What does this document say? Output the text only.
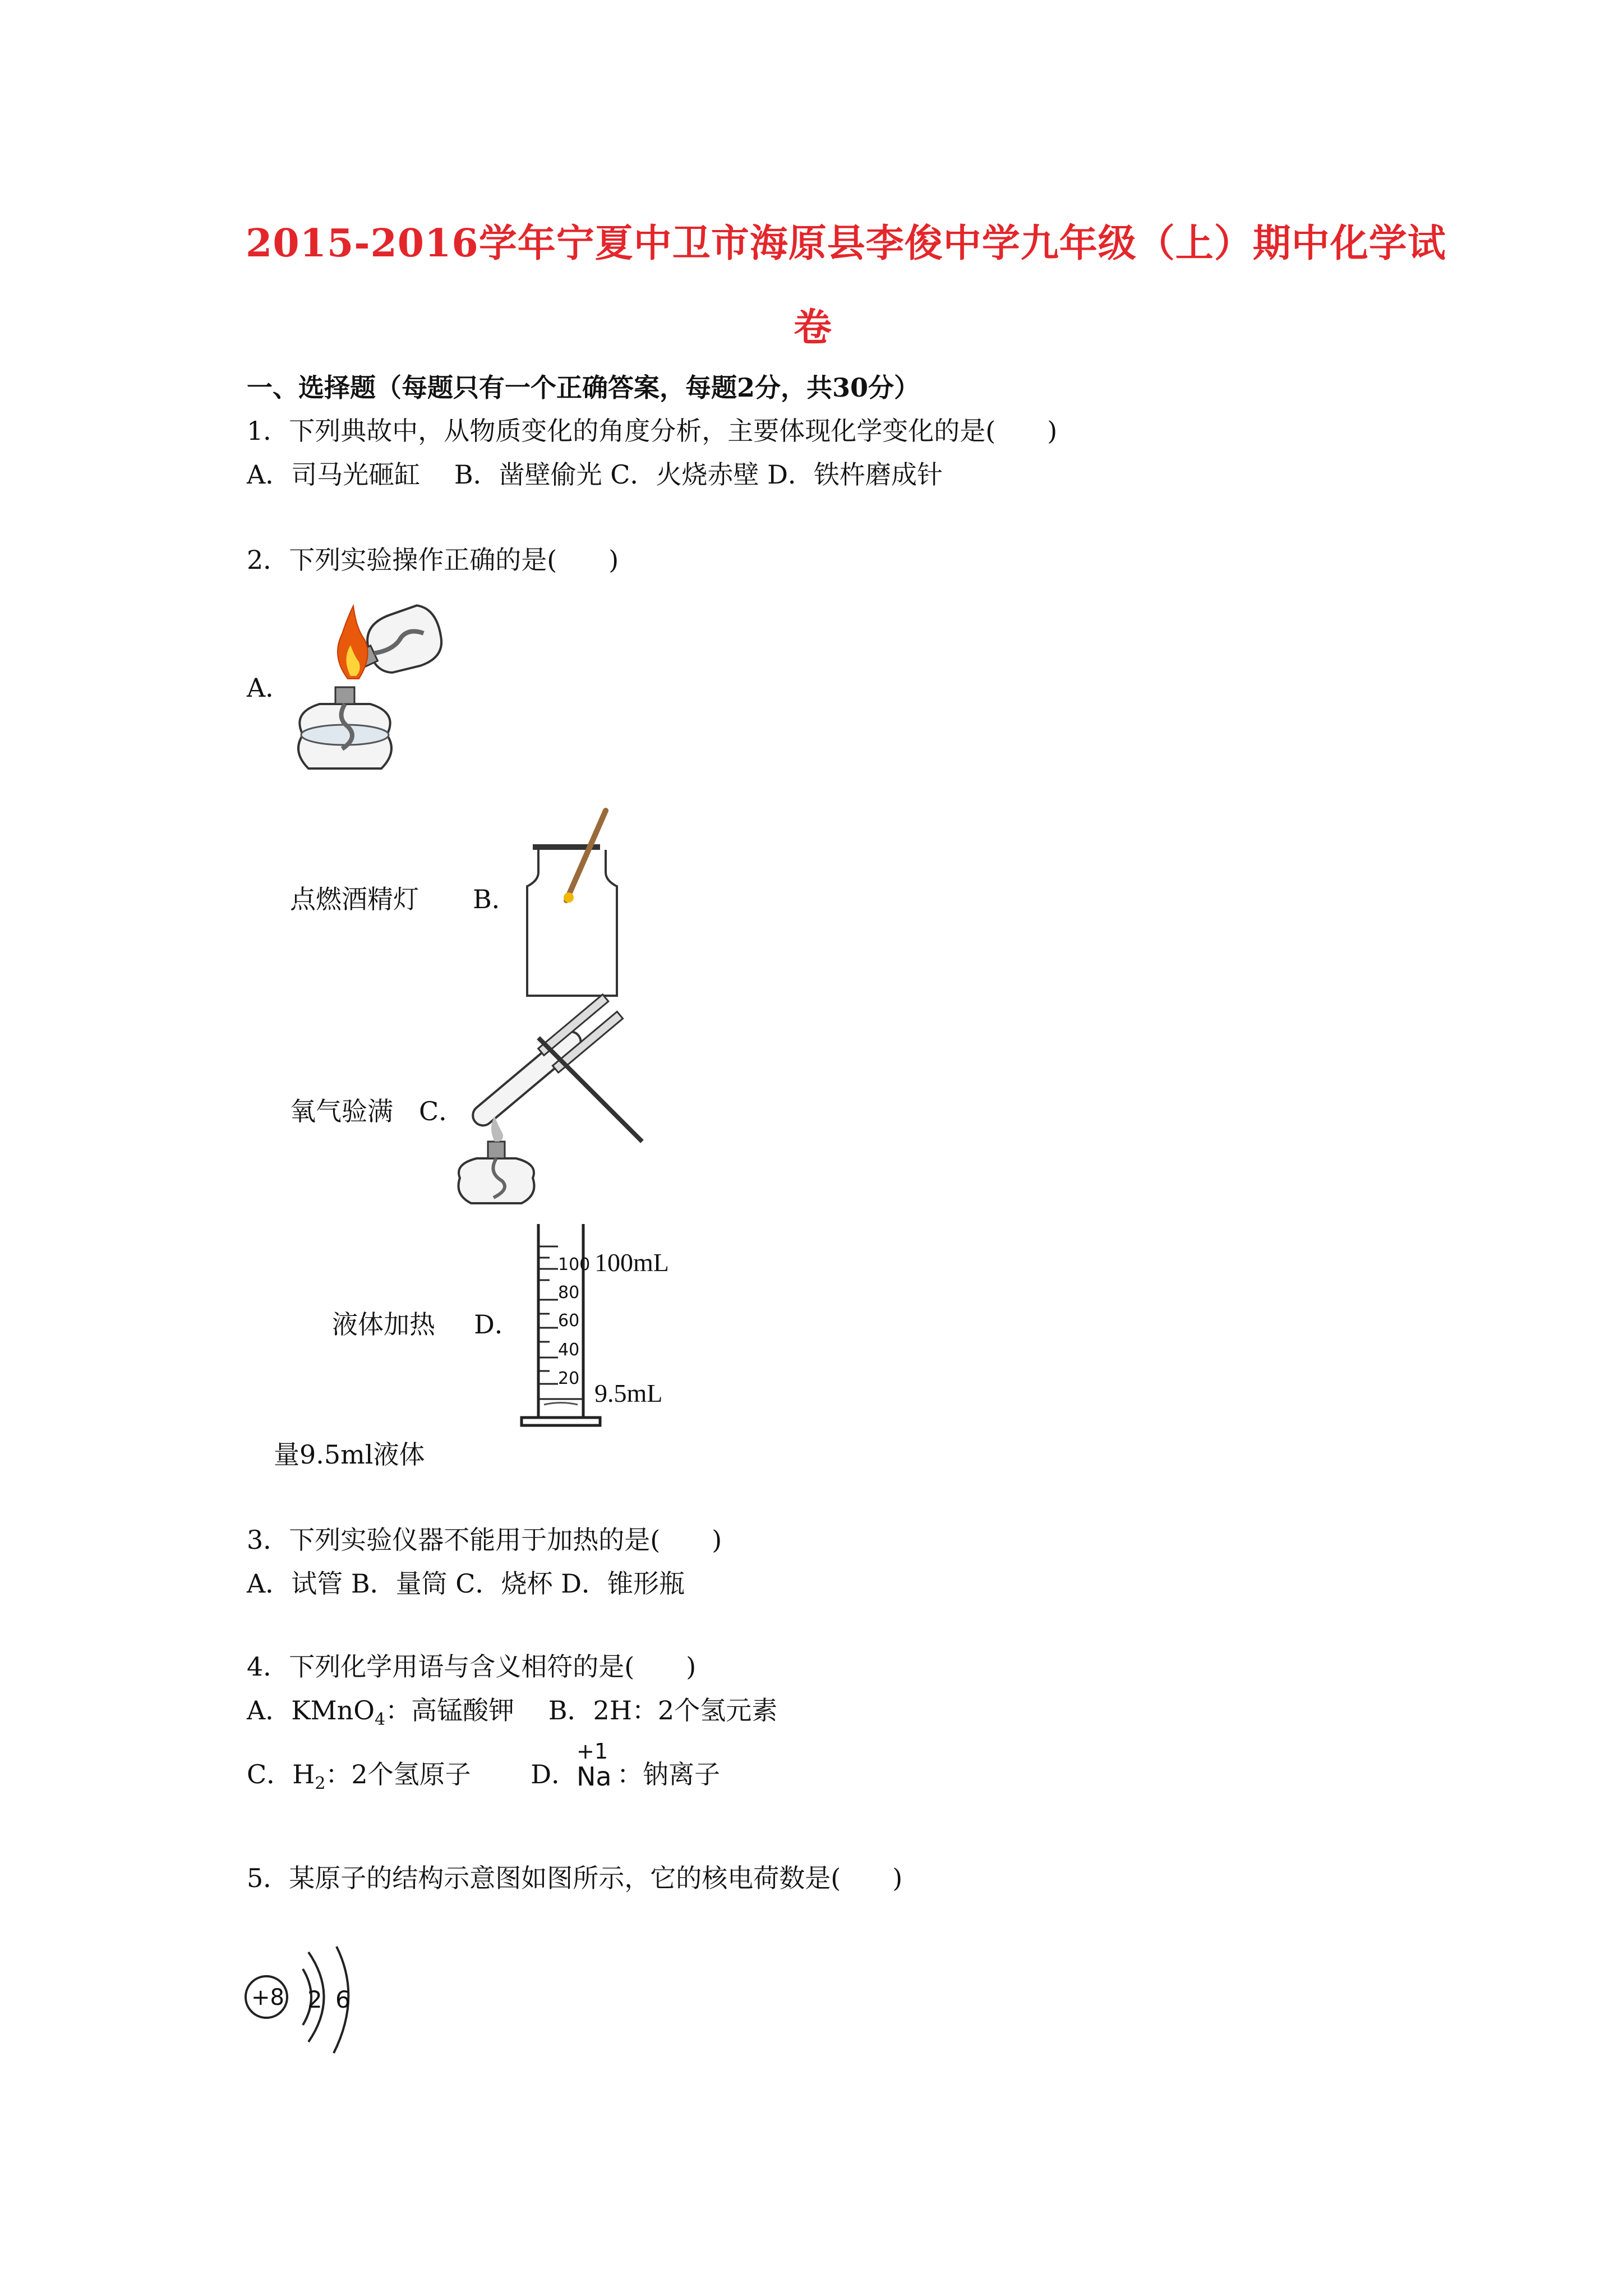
2015-2016学年宁夏中卫市海原县李俊中学九年级（上）期中化学试
卷
一、选择题（每题只有一个正确答案，每题2分，共30分）
1．下列典故中，从物质变化的角度分析，主要体现化学变化的是(　　)
A．司马光砸缸　 B．凿壁偷光 C．火烧赤壁 D．铁杵磨成针
2．下列实验操作正确的是(　　)
A．
点燃酒精灯 B．
氧气验满 C．
液体加热 D．
100
80
60
40
20
100mL
9.5mL
量9.5ml液体
3．下列实验仪器不能用于加热的是(　　)
A．试管 B．量筒 C．烧杯 D．锥形瓶
4．下列化学用语与含义相符的是(　　)
A．KMnO$_4$：高锰酸钾　 B．2H：2个氢元素
C．$H_2$：2个氢原子　　 D．
+1
Na ：钠离子
5．某原子的结构示意图如图所示，它的核电荷数是(　　)
+8 2 6
